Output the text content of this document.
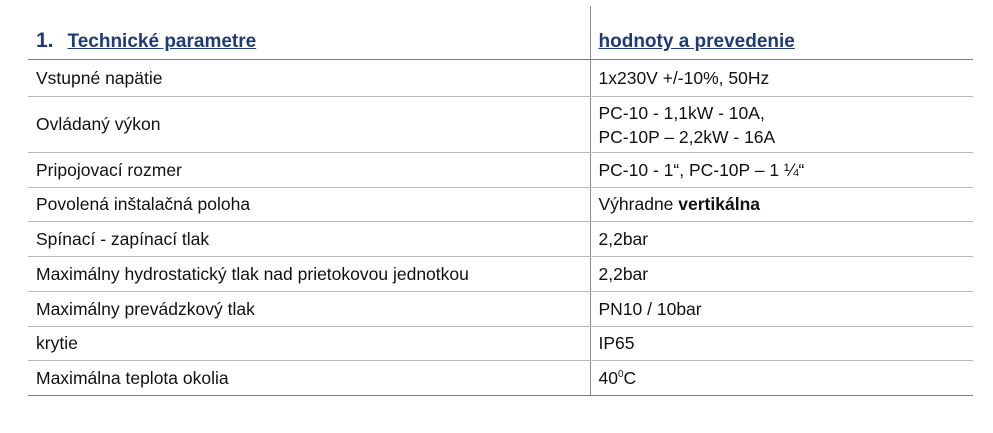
1. Technické parametre	hodnoty a prevedenie
Vstupné napätie	1x230V +/-10%, 50Hz
Ovládaný výkon	PC-10 - 1,1kW - 10A,
PC-10P – 2,2kW - 16A

Pripojovací rozmer	PC-10 - 1“, PC-10P – 1 ¼“
Povolená inštalačná poloha	Výhradne vertikálna
Spínací - zapínací tlak	2,2bar
Maximálny hydrostatický tlak nad prietokovou jednotkou	2,2bar
Maximálny prevádzkový tlak	PN10 / 10bar
krytie	IP65
Maximálna teplota okolia	$40^0C$
